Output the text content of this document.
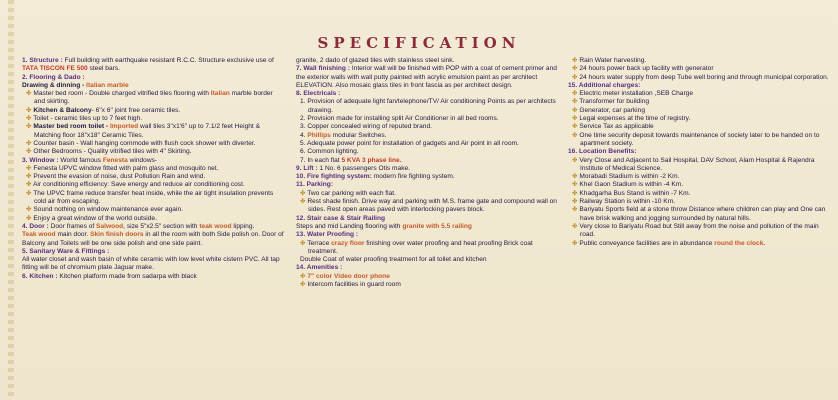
SPECIFICATION
1. Structure : Full building with earthquake resistant R.C.C. Structure exclusive use of TATA TISCON FE 500 steel bars.
2. Flooring & Dado :
Drawing & dinning - Italian marble
✤ Master bed room - Double charged vitrified tiles flooring with Italian marble border and skirting.
✤ Kitchen & Balcony- 6"x 6" joint free ceramic tiles.
✤ Toilet - ceramic tiles up to 7 feet high.
✤ Master bed room toilet - Imported wall tiles 3"x1'6" up to 7.1/2 feet Height & Matching floor 18"x18" Ceramic Tiles.
✤ Counter basin - Wall hanging commode with flush cock shower with diverter.
✤ Other Bedrooms - Quality vitrified tiles with 4" Skirting.
3. Window : World famous Fenesta windows-
✤ Fenesta UPVC window fitted with palm glass and mosquito net.
✤ Prevent the evasion of noise, dust Pollution Rain and wind.
✤ Air conditioning efficiency: Save energy and reduce air conditioning cost.
✤ The UPVC frame reduce transfer heat inside, while the air tight insulation prevents cold air from escaping.
✤ Sound nothing on window maintenance ever again.
✤ Enjoy a great window of the world outside.
4. Door : Door frames of Salwood, size 5"x2.5" section with teak wood lipping.
Teak wood main door. Skin finish doors in all the room with both Side polish on. Door of Balcony and Toilets will be one side polish and one side paint.
5. Sanitary Ware & Fittings :
All water closet and wash basin of white ceramic with low level white cistern PVC. All tap fitting will be of chromium plate Jaguar make.
6. Kitchen : Kitchen platform made from sadarpa with black
granite, 2 dado of glazed tiles with stainless steel sink.
7. Wall finishing : Interior wall will be finished with POP with a coat of cement primer and the exterior walls with wall putty painted with acrylic emulsion paint as per architect ELEVATION. Also mosaic glass tiles in front fascia as per architect design.
8. Electricals :
1. Provision of adequate light fan/telephone/TV/ Air conditioning Points as per architects drawing.
2. Provision made for installing split Air Conditioner in all bed rooms.
3. Copper concealed wiring of reputed brand.
4. Phillips modular Switches.
5. Adequate power point for installation of gadgets and Air point in all room.
6. Common lighting.
7. In each flat 5 KVA 3 phase line.
9. Lift : 1 No. 6 passengers Otis make.
10. Fire fighting system: modern fire fighting system.
11. Parking:
✤ Two car parking with each flat.
✤ Rest shade finish. Drive way and parking with M.S. frame gate and compound wall on sides. Rest open areas paved with interlocking pavers block.
12. Stair case & Stair Railing
Steps and mid Landing flooring with granite with 5.5 railing
13. Water Proofing :
✤ Terrace crazy floor finishing over water proofing and heat proofing Brick coat treatment.
Double Coat of water proofing treatment for all toilet and kitchen
14. Amenities :
✤ 7" color Video door phone
✤ Intercom facilities in guard room
✤ Rain Water harvesting.
✤ 24 hours power back up facility with generator
✤ 24 hours water supply from deep Tube well boring and through municipal corporation.
15. Additional charges:
✤ Electric meter installation ,SEB Charge
✤ Transformer for building
✤ Generator, car parking
✤ Legal expenses at the time of registry.
✤ Service Tax as applicable
✤ One time security deposit towards maintenance of society later to be handed on to apartment society.
16. Location Benefits:
✤ Very Close and Adjacent to Sail Hospital, DAV School, Alam Hospital & Rajendra Institute of Medical Science.
✤ Morabadi Stadium is within -2 Km.
✤ Khel Gaon Stadium is within -4 Km.
✤ Khadgarha Bus Stand is within -7 Km.
✤ Railway Station is within -10 Km.
✤ Bariyatu Sports field at a stone throw Distance where children can play and One can have brisk walking and jogging surrounded by natural hills.
✤ Very close to Bariyatu Road but Still away from the noise and pollution of the main road.
✤ Public conveyance facilities are in abundance round the clock.
